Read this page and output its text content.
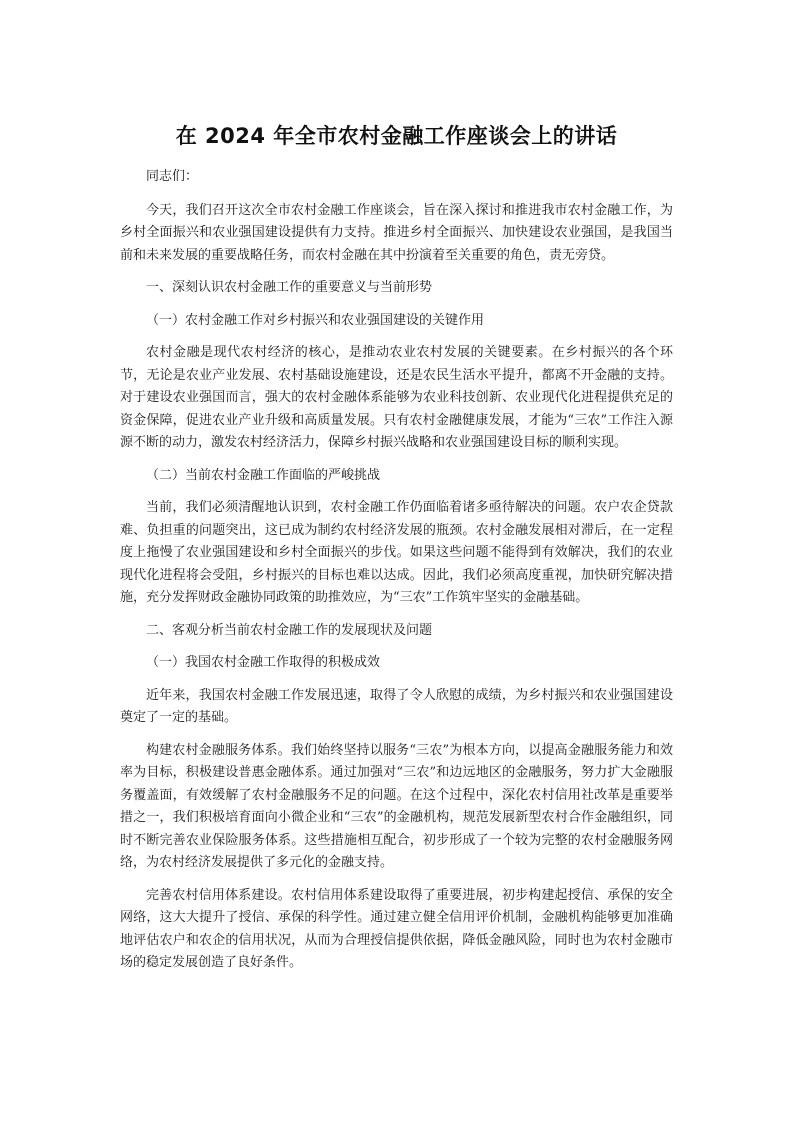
在 2024 年全市农村金融工作座谈会上的讲话

同志们：

今天，我们召开这次全市农村金融工作座谈会，旨在深入探讨和推进我市农村金融工作，为乡村全面振兴和农业强国建设提供有力支持。推进乡村全面振兴、加快建设农业强国，是我国当前和未来发展的重要战略任务，而农村金融在其中扮演着至关重要的角色，责无旁贷。

一、深刻认识农村金融工作的重要意义与当前形势

（一）农村金融工作对乡村振兴和农业强国建设的关键作用

农村金融是现代农村经济的核心，是推动农业农村发展的关键要素。在乡村振兴的各个环节，无论是农业产业发展、农村基础设施建设，还是农民生活水平提升，都离不开金融的支持。对于建设农业强国而言，强大的农村金融体系能够为农业科技创新、农业现代化进程提供充足的资金保障，促进农业产业升级和高质量发展。只有农村金融健康发展，才能为“三农”工作注入源源不断的动力，激发农村经济活力，保障乡村振兴战略和农业强国建设目标的顺利实现。

（二）当前农村金融工作面临的严峻挑战

当前，我们必须清醒地认识到，农村金融工作仍面临着诸多亟待解决的问题。农户农企贷款难、负担重的问题突出，这已成为制约农村经济发展的瓶颈。农村金融发展相对滞后，在一定程度上拖慢了农业强国建设和乡村全面振兴的步伐。如果这些问题不能得到有效解决，我们的农业现代化进程将会受阻，乡村振兴的目标也难以达成。因此，我们必须高度重视，加快研究解决措施，充分发挥财政金融协同政策的助推效应，为“三农”工作筑牢坚实的金融基础。

二、客观分析当前农村金融工作的发展现状及问题

（一）我国农村金融工作取得的积极成效

近年来，我国农村金融工作发展迅速，取得了令人欣慰的成绩，为乡村振兴和农业强国建设奠定了一定的基础。

构建农村金融服务体系。我们始终坚持以服务“三农”为根本方向，以提高金融服务能力和效率为目标，积极建设普惠金融体系。通过加强对“三农”和边远地区的金融服务，努力扩大金融服务覆盖面，有效缓解了农村金融服务不足的问题。在这个过程中，深化农村信用社改革是重要举措之一，我们积极培育面向小微企业和“三农”的金融机构，规范发展新型农村合作金融组织，同时不断完善农业保险服务体系。这些措施相互配合，初步形成了一个较为完整的农村金融服务网络，为农村经济发展提供了多元化的金融支持。

完善农村信用体系建设。农村信用体系建设取得了重要进展，初步构建起授信、承保的安全网络，这大大提升了授信、承保的科学性。通过建立健全信用评价机制，金融机构能够更加准确地评估农户和农企的信用状况，从而为合理授信提供依据，降低金融风险，同时也为农村金融市场的稳定发展创造了良好条件。
